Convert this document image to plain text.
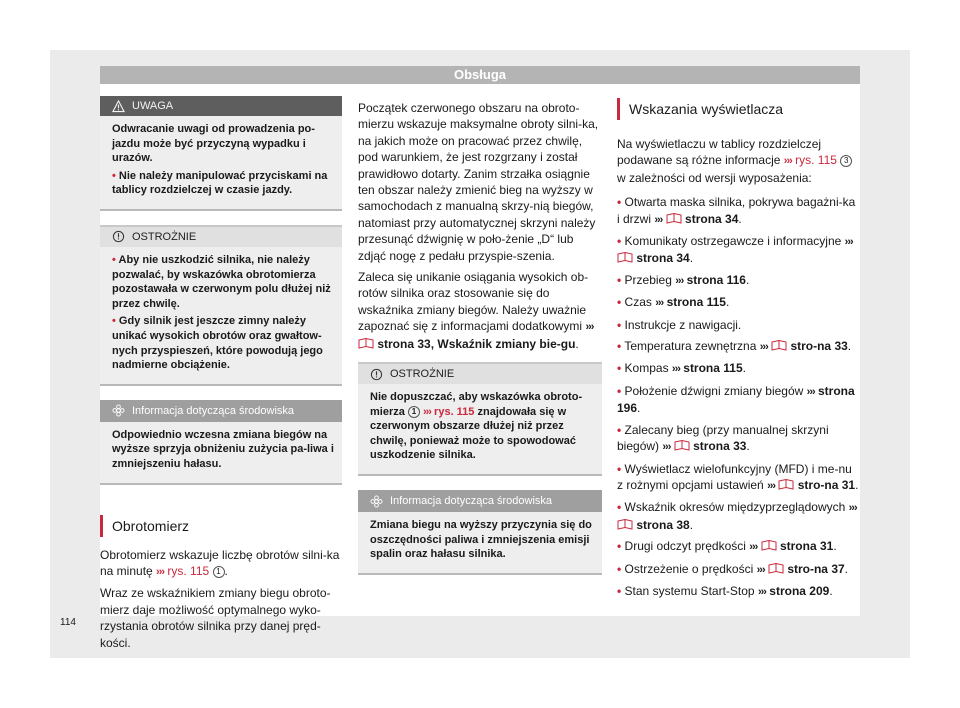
Obsługa
UWAGA

Odwracanie uwagi od prowadzenia po-jazdu może być przyczyną wypadku i urazów.

• Nie należy manipulować przyciskami na tablicy rozdzielczej w czasie jazdy.

OSTROŻNIE

• Aby nie uszkodzić silnika, nie należy pozwalać, by wskazówka obrotomierza pozostawała w czerwonym polu dłużej niż przez chwilę.

• Gdy silnik jest jeszcze zimny należy unikać wysokich obrotów oraz gwałtow-nych przyspieszeń, które powodują jego nadmierne obciążenie.

Informacja dotycząca środowiska

Odpowiednio wczesna zmiana biegów na wyższe sprzyja obniżeniu zużycia pa-liwa i zmniejszeniu hałasu.

Obrotomierz

Obrotomierz wskazuje liczbę obrotów silni-ka na minutę ››› rys. 115 1 .

Wraz ze wskaźnikiem zmiany biegu obroto-mierz daje możliwość optymalnego wyko-rzystania obrotów silnika przy danej pręd-kości.

Początek czerwonego obszaru na obroto-mierzu wskazuje maksymalne obroty silni-ka, na jakich może on pracować przez chwilę, pod warunkiem, że jest rozgrzany i został prawidłowo dotarty. Zanim strzałka osiągnie ten obszar należy zmienić bieg na wyższy w samochodach z manualną skrzy-nią biegów, natomiast przy automatycznej skrzyni należy przesunąć dźwignię w poło-żenie „D“ lub zdjąć nogę z pedału przyspie-szenia.

Zaleca się unikanie osiągania wysokich ob-rotów silnika oraz stosowanie się do wskaźnika zmiany biegów. Należy uważnie zapoznać się z informacjami dodatkowymi ›››  strona 33, Wskaźnik zmiany bie-gu.

OSTROŻNIE

Nie dopuszczać, aby wskazówka obroto-mierza 1 ››› rys. 115 znajdowała się w czerwonym obszarze dłużej niż przez chwilę, ponieważ może to spowodować uszkodzenie silnika.

Informacja dotycząca środowiska

Zmiana biegu na wyższy przyczynia się do oszczędności paliwa i zmniejszenia emisji spalin oraz hałasu silnika.

Wskazania wyświetlacza

Na wyświetlaczu w tablicy rozdzielczej podawane są różne informacje ››› rys. 115 3 w zależności od wersji wyposażenia:

• Otwarta maska silnika, pokrywa bagażni-ka i drzwi ››› strona 34.

• Komunikaty ostrzegawcze i informacyjne ›››  strona 34.

• Przebieg ››› strona 116.

• Czas ››› strona 115.

• Instrukcje z nawigacji.

• Temperatura zewnętrzna ››› stro-na 33.

• Kompas ››› strona 115.

• Położenie dźwigni zmiany biegów ››› strona 196.

• Zalecany bieg (przy manualnej skrzyni biegów) ››› strona 33.

• Wyświetlacz wielofunkcyjny (MFD) i me-nu z rożnymi opcjami ustawień ››› stro-na 31.

• Wskaźnik okresów międzyprzeglądowych ›››  strona 38.

• Drugi odczyt prędkości ››› strona 31.

• Ostrzeżenie o prędkości ››› stro-na 37.

• Stan systemu Start-Stop ››› strona 209.

114
